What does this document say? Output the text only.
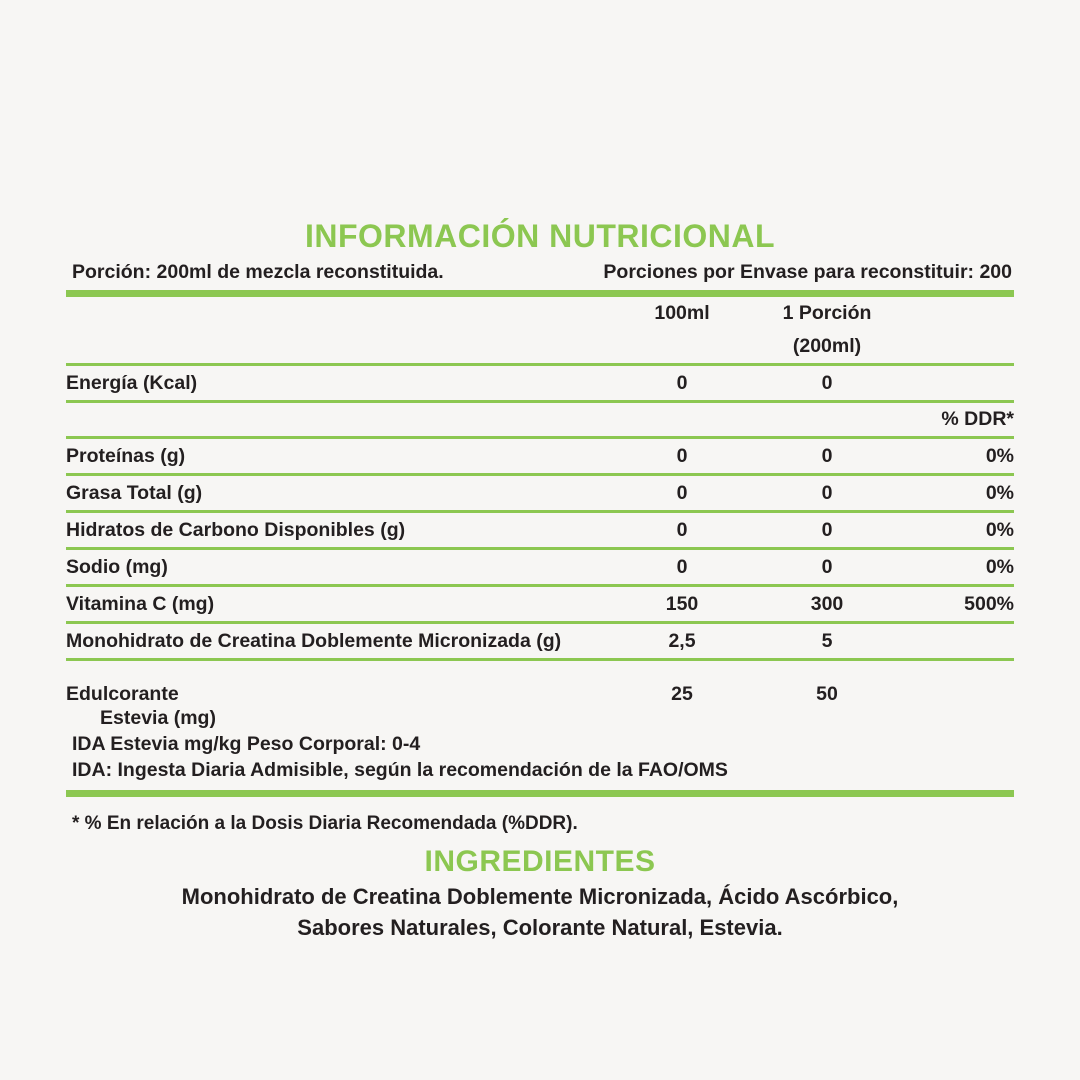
INFORMACIÓN NUTRICIONAL
Porción: 200ml de mezcla reconstituida.	Porciones por Envase para reconstituir: 200
	100ml	1 Porción (200ml)	

Energía (Kcal)	0	0	

			% DDR*

Proteínas (g)	0	0	0%

Grasa Total (g)	0	0	0%

Hidratos de Carbono Disponibles (g)	0	0	0%

Sodio (mg)	0	0	0%

Vitamina C (mg)	150	300	500%

Monohidrato de Creatina Doblemente Micronizada (g)	2,5	5	

Edulcorante
Estevia (mg)	25	50	

IDA Estevia mg/kg Peso Corporal: 0-4
IDA: Ingesta Diaria Admisible, según la recomendación de la FAO/OMS
* % En relación a la Dosis Diaria Recomendada (%DDR).
INGREDIENTES
Monohidrato de Creatina Doblemente Micronizada, Ácido Ascórbico,
Sabores Naturales, Colorante Natural, Estevia.
